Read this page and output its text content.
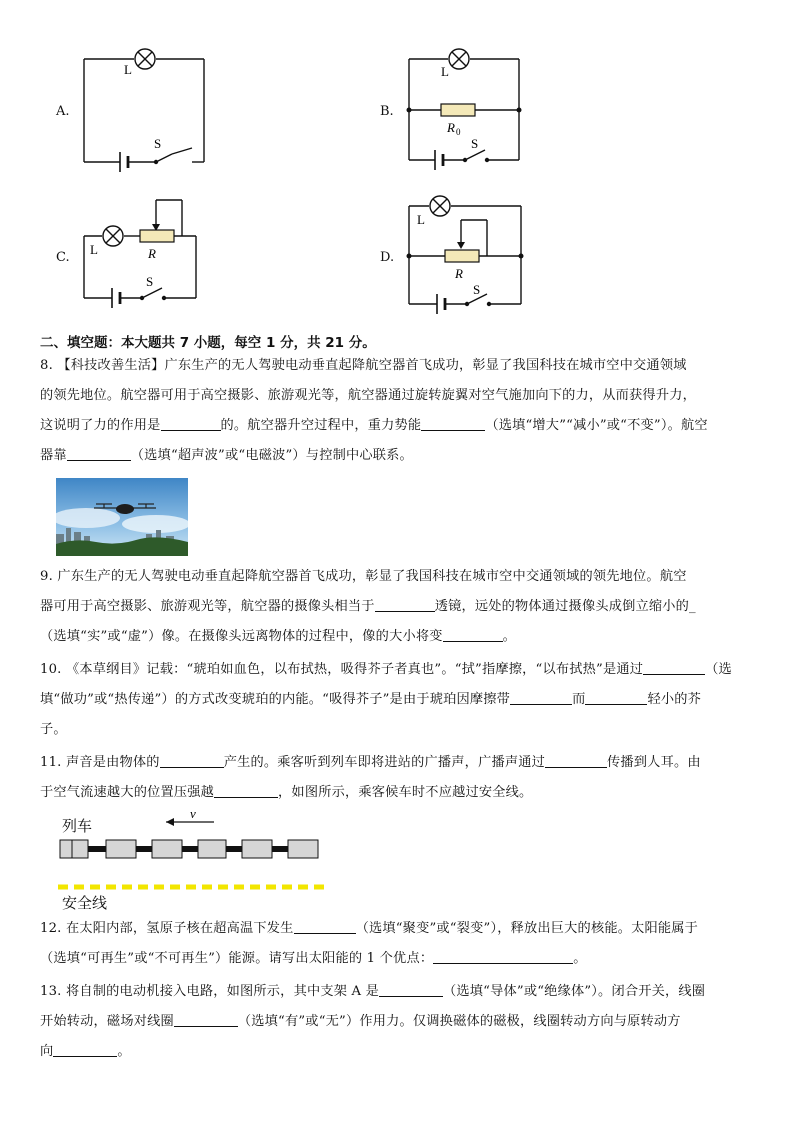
A.	B.
C.	D.
L
S
L
R 0
S
L	R
S
L
R
S
二、填空题：本大题共 7 小题，每空 1 分，共 21 分。
8. 【科技改善生活】广东生产的无人驾驶电动垂直起降航空器首飞成功，彰显了我国科技在城市空中交通领域
的领先地位。航空器可用于高空摄影、旅游观光等，航空器通过旋转旋翼对空气施加向下的力，从而获得升力，
这说明了力的作用是	的。航空器升空过程中，重力势能	（选填“增大”“减小”或“不变”）。航空
器靠	（选填“超声波”或“电磁波”）与控制中心联系。
9. 广东生产的无人驾驶电动垂直起降航空器首飞成功，彰显了我国科技在城市空中交通领域的领先地位。航空
器可用于高空摄影、旅游观光等，航空器的摄像头相当于	透镜，远处的物体通过摄像头成倒立缩小的_
（选填“实”或“虚”）像。在摄像头远离物体的过程中，像的大小将变	。
10. 《本草纲目》记载：“琥珀如血色，以布拭热，吸得芥子者真也”。“拭”指摩擦，“以布拭热”是通过	（选
填“做功”或“热传递”）的方式改变琥珀的内能。“吸得芥子”是由于琥珀因摩擦带	而	轻小的芥
子。
11. 声音是由物体的	产生的。乘客听到列车即将进站的广播声，广播声通过	传播到人耳。由
于空气流速越大的位置压强越	，如图所示，乘客候车时不应越过安全线。
列车
v
安全线
12. 在太阳内部，氢原子核在超高温下发生	（选填“聚变”或“裂变”），释放出巨大的核能。太阳能属于
（选填“可再生”或“不可再生”）能源。请写出太阳能的 1 个优点：	。
13. 将自制的电动机接入电路，如图所示，其中支架 A 是	（选填“导体”或“绝缘体”）。闭合开关，线圈
开始转动，磁场对线圈	（选填“有”或“无”）作用力。仅调换磁体的磁极，线圈转动方向与原转动方
向	。
